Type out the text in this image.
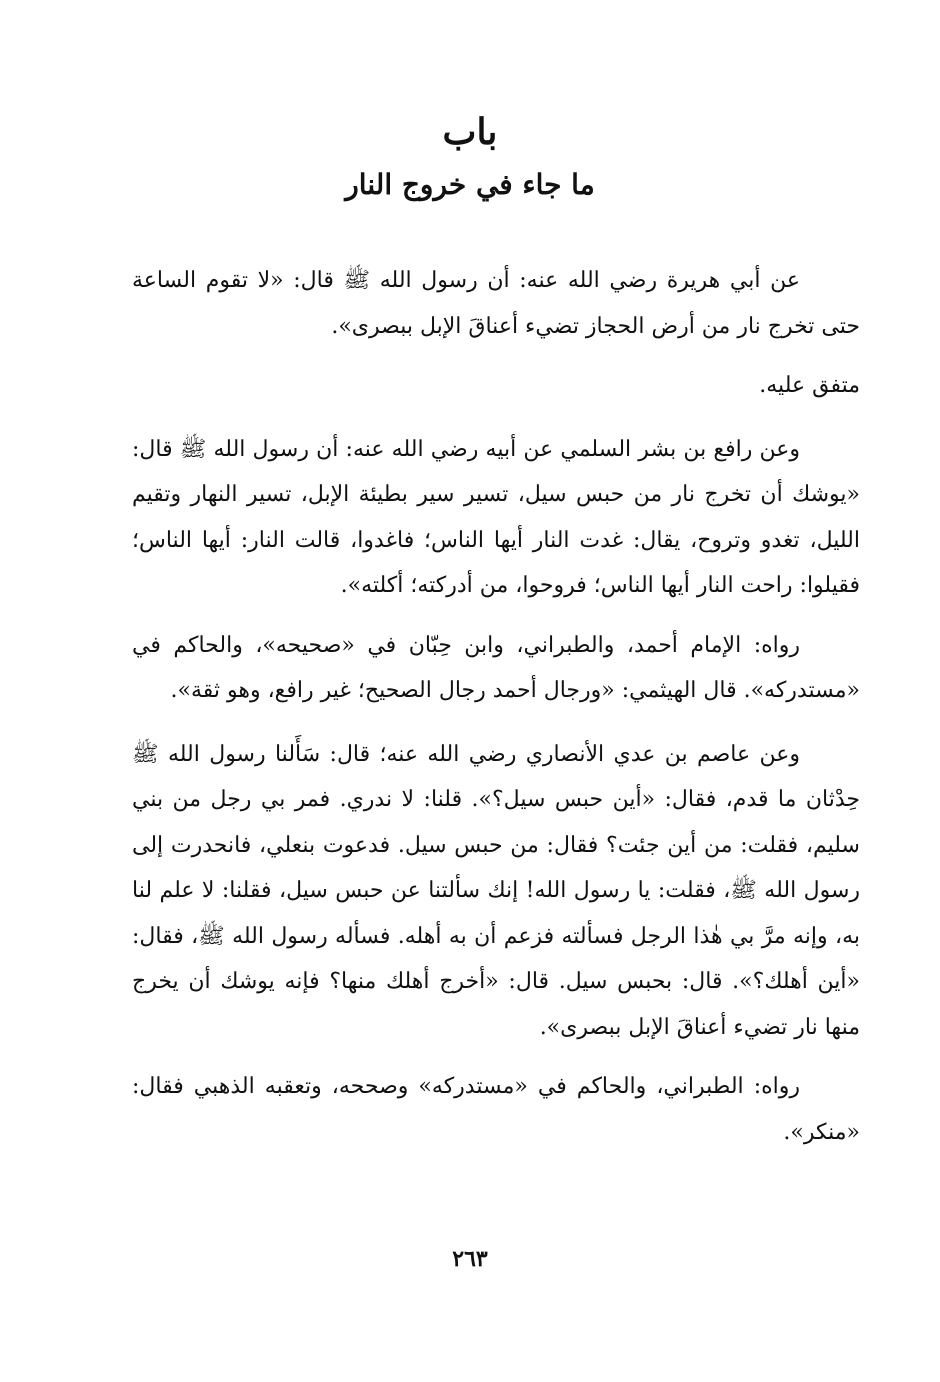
باب
ما جاء في خروج النار

عن أبي هريرة رضي الله عنه: أن رسول الله ﷺ قال: «لا تقوم الساعة حتى تخرج نار من أرض الحجاز تضيء أعناقَ الإبل ببصرى».

متفق عليه.

وعن رافع بن بشر السلمي عن أبيه رضي الله عنه: أن رسول الله ﷺ قال: «يوشك أن تخرج نار من حبس سيل، تسير سير بطيئة الإبل، تسير النهار وتقيم الليل، تغدو وتروح، يقال: غدت النار أيها الناس؛ فاغدوا، قالت النار: أيها الناس؛ فقيلوا: راحت النار أيها الناس؛ فروحوا، من أدركته؛ أكلته».

رواه: الإمام أحمد، والطبراني، وابن حِبّان في «صحيحه»، والحاكم في «مستدركه». قال الهيثمي: «ورجال أحمد رجال الصحيح؛ غير رافع، وهو ثقة».

وعن عاصم بن عدي الأنصاري رضي الله عنه؛ قال: سَأَلنا رسول الله ﷺ حِدْثان ما قدم، فقال: «أين حبس سيل؟». قلنا: لا ندري. فمر بي رجل من بني سليم، فقلت: من أين جئت؟ فقال: من حبس سيل. فدعوت بنعلي، فانحدرت إلى رسول الله ﷺ، فقلت: يا رسول الله! إنك سألتنا عن حبس سيل، فقلنا: لا علم لنا به، وإنه مرَّ بي هٰذا الرجل فسألته فزعم أن به أهله. فسأله رسول الله ﷺ، فقال: «أين أهلك؟». قال: بحبس سيل. قال: «أخرج أهلك منها؟ فإنه يوشك أن يخرج منها نار تضيء أعناقَ الإبل ببصرى».

رواه: الطبراني، والحاكم في «مستدركه» وصححه، وتعقبه الذهبي فقال: «منكر».

٢٦٣
